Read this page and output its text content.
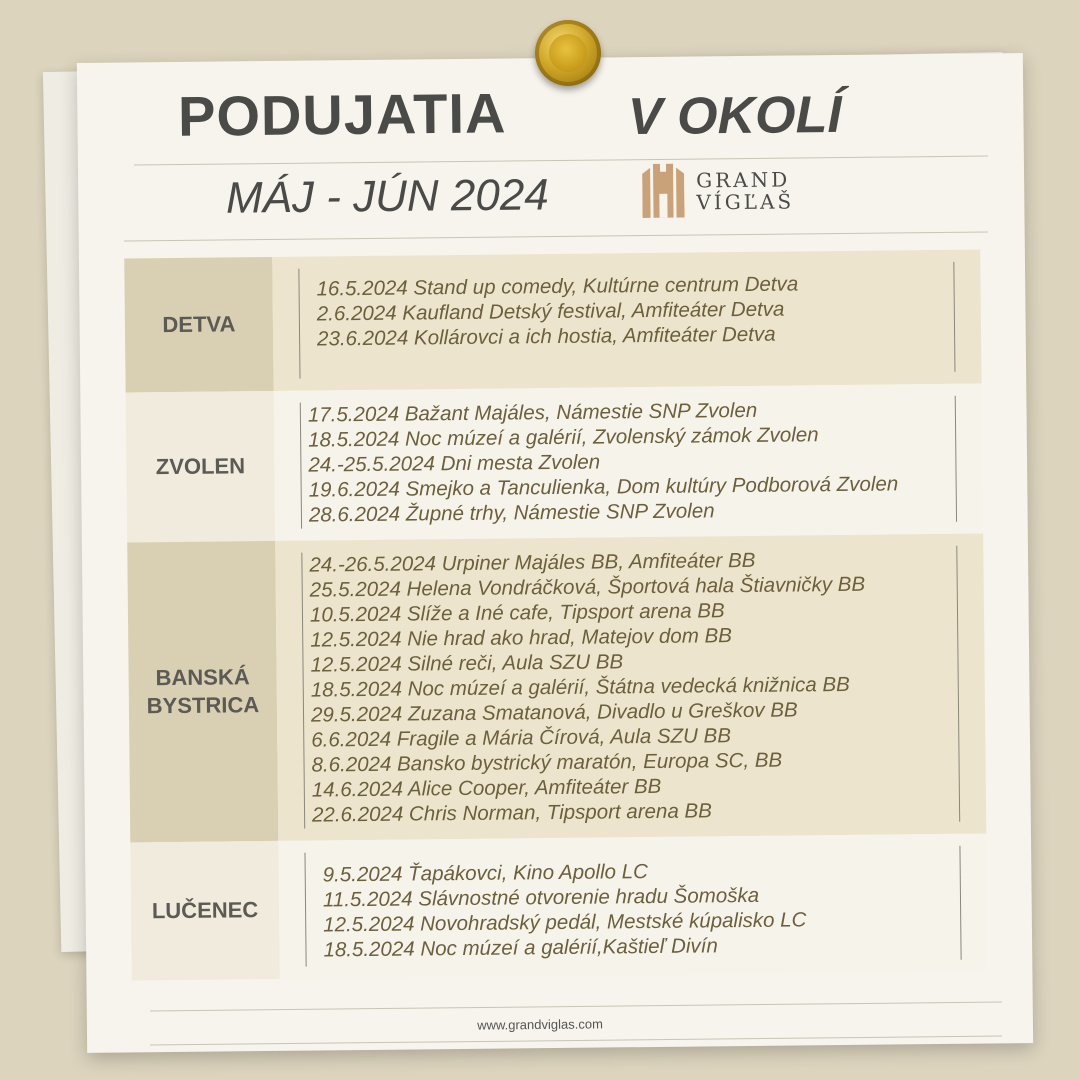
PODUJATIA V OKOLÍ
MÁJ - JÚN 2024	GRAND
VÍGĽAŠ
DETVA
16.5.2024 Stand up comedy, Kultúrne centrum Detva
2.6.2024 Kaufland Detský festival, Amfiteáter Detva
23.6.2024 Kollárovci a ich hostia, Amfiteáter Detva
ZVOLEN
17.5.2024 Bažant Majáles, Námestie SNP Zvolen
18.5.2024 Noc múzeí a galérií, Zvolenský zámok Zvolen
24.-25.5.2024 Dni mesta Zvolen
19.6.2024 Smejko a Tanculienka, Dom kultúry Podborová Zvolen
28.6.2024 Župné trhy, Námestie SNP Zvolen
BANSKÁ
BYSTRICA
24.-26.5.2024 Urpiner Majáles BB, Amfiteáter BB
25.5.2024 Helena Vondráčková, Športová hala Štiavničky BB
10.5.2024 Slíže a Iné cafe, Tipsport arena BB
12.5.2024 Nie hrad ako hrad, Matejov dom BB
12.5.2024 Silné reči, Aula SZU BB
18.5.2024 Noc múzeí a galérií, Štátna vedecká knižnica BB
29.5.2024 Zuzana Smatanová, Divadlo u Greškov BB
6.6.2024 Fragile a Mária Čírová, Aula SZU BB
8.6.2024 Bansko bystrický maratón, Europa SC, BB
14.6.2024 Alice Cooper, Amfiteáter BB
22.6.2024 Chris Norman, Tipsport arena BB
LUČENEC
9.5.2024 Ťapákovci, Kino Apollo LC
11.5.2024 Slávnostné otvorenie hradu Šomoška
12.5.2024 Novohradský pedál, Mestské kúpalisko LC
18.5.2024 Noc múzeí a galérií,Kaštieľ Divín
www.grandviglas.com
